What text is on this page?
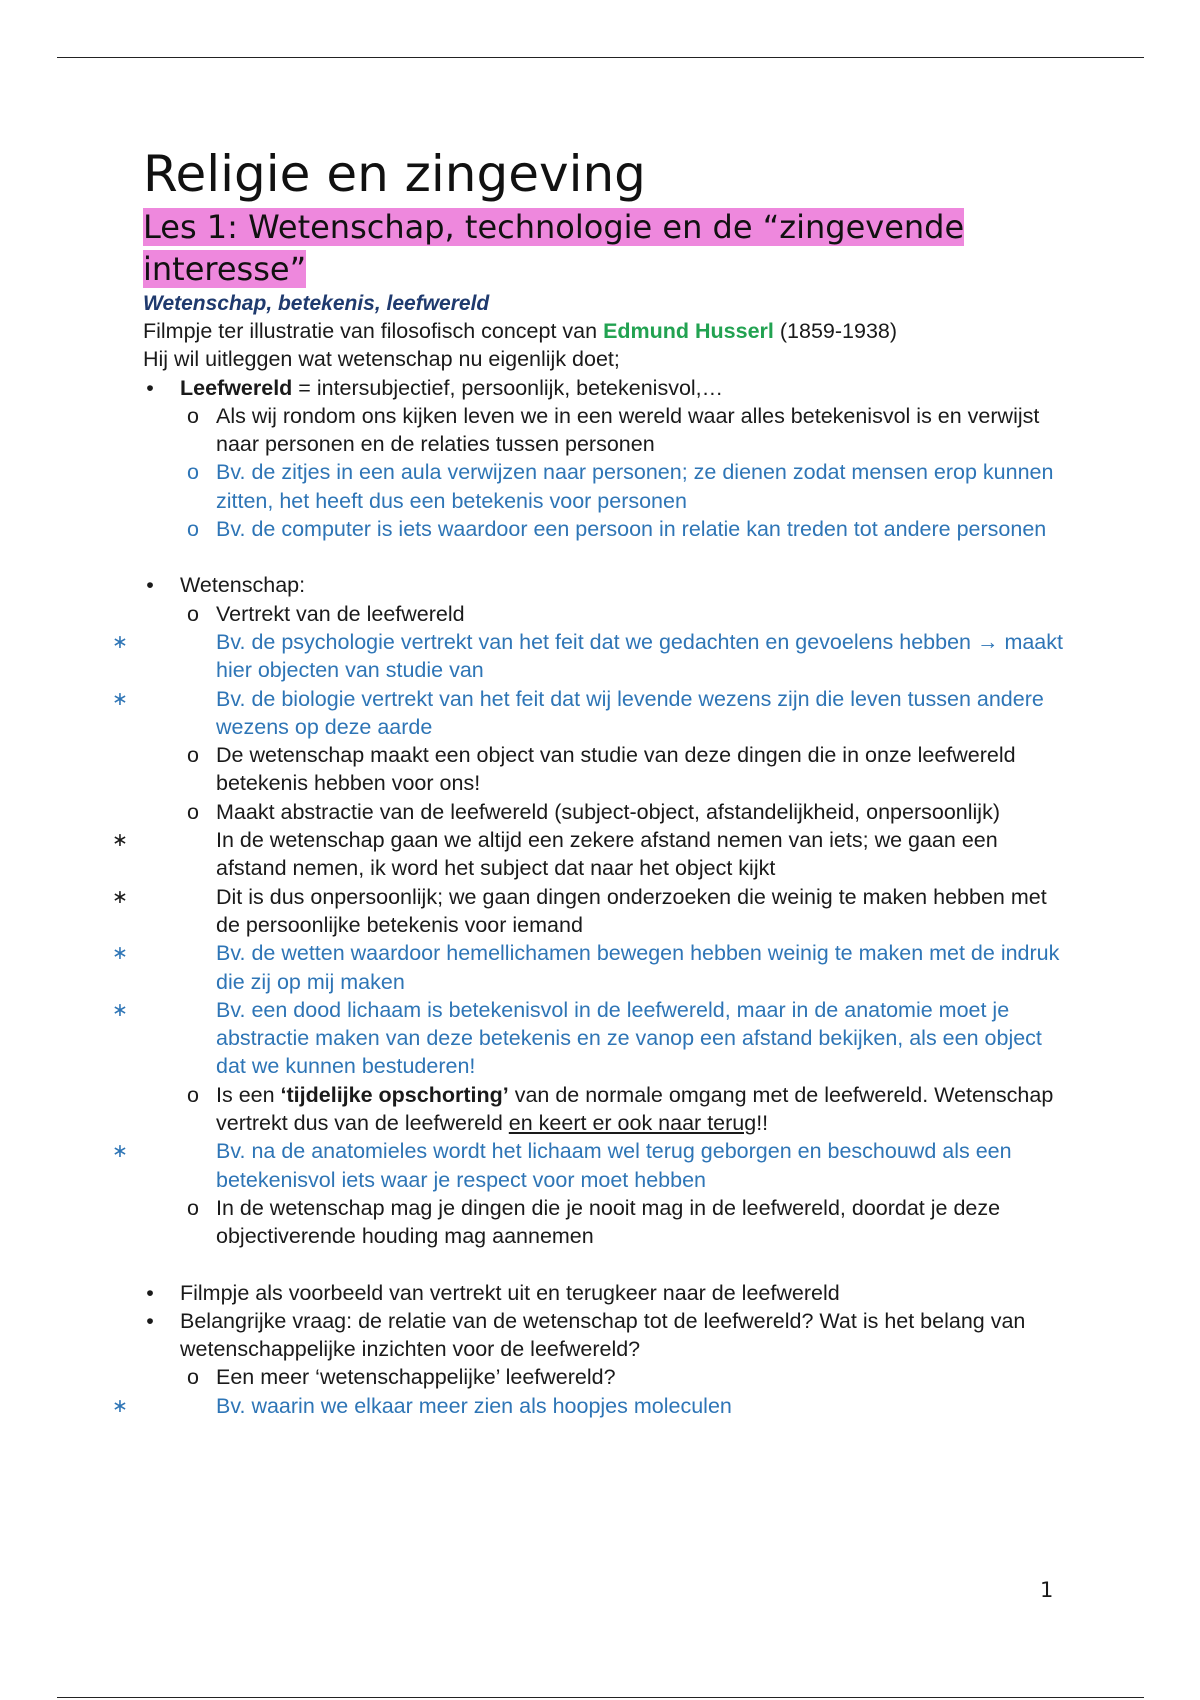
Religie en zingeving
Les 1: Wetenschap, technologie en de “zingevende interesse”
Wetenschap, betekenis, leefwereld

Filmpje ter illustratie van filosofisch concept van Edmund Husserl (1859-1938)

Hij wil uitleggen wat wetenschap nu eigenlijk doet;

• Leefwereld = intersubjectief, persoonlijk, betekenisvol,…
o Als wij rondom ons kijken leven we in een wereld waar alles betekenisvol is en verwijst naar personen en de relaties tussen personen
o Bv. de zitjes in een aula verwijzen naar personen; ze dienen zodat mensen erop kunnen zitten, het heeft dus een betekenis voor personen
o Bv. de computer is iets waardoor een persoon in relatie kan treden tot andere personen
• Wetenschap:
o Vertrekt van de leefwereld
∗	Bv. de psychologie vertrekt van het feit dat we gedachten en gevoelens hebben → maakt hier objecten van studie van
∗	Bv. de biologie vertrekt van het feit dat wij levende wezens zijn die leven tussen andere wezens op deze aarde
o De wetenschap maakt een object van studie van deze dingen die in onze leefwereld betekenis hebben voor ons!
o Maakt abstractie van de leefwereld (subject-object, afstandelijkheid, onpersoonlijk)
∗	In de wetenschap gaan we altijd een zekere afstand nemen van iets; we gaan een afstand nemen, ik word het subject dat naar het object kijkt
∗	Dit is dus onpersoonlijk; we gaan dingen onderzoeken die weinig te maken hebben met de persoonlijke betekenis voor iemand
∗	Bv. de wetten waardoor hemellichamen bewegen hebben weinig te maken met de indruk die zij op mij maken
∗	Bv. een dood lichaam is betekenisvol in de leefwereld, maar in de anatomie moet je abstractie maken van deze betekenis en ze vanop een afstand bekijken, als een object dat we kunnen bestuderen!
o Is een ‘tijdelijke opschorting’ van de normale omgang met de leefwereld. Wetenschap vertrekt dus van de leefwereld en keert er ook naar terug!!
∗	Bv. na de anatomieles wordt het lichaam wel terug geborgen en beschouwd als een betekenisvol iets waar je respect voor moet hebben
o In de wetenschap mag je dingen die je nooit mag in de leefwereld, doordat je deze objectiverende houding mag aannemen
• Filmpje als voorbeeld van vertrekt uit en terugkeer naar de leefwereld
• Belangrijke vraag: de relatie van de wetenschap tot de leefwereld? Wat is het belang van wetenschappelijke inzichten voor de leefwereld?
o Een meer ‘wetenschappelijke’ leefwereld?
∗	Bv. waarin we elkaar meer zien als hoopjes moleculen
1
